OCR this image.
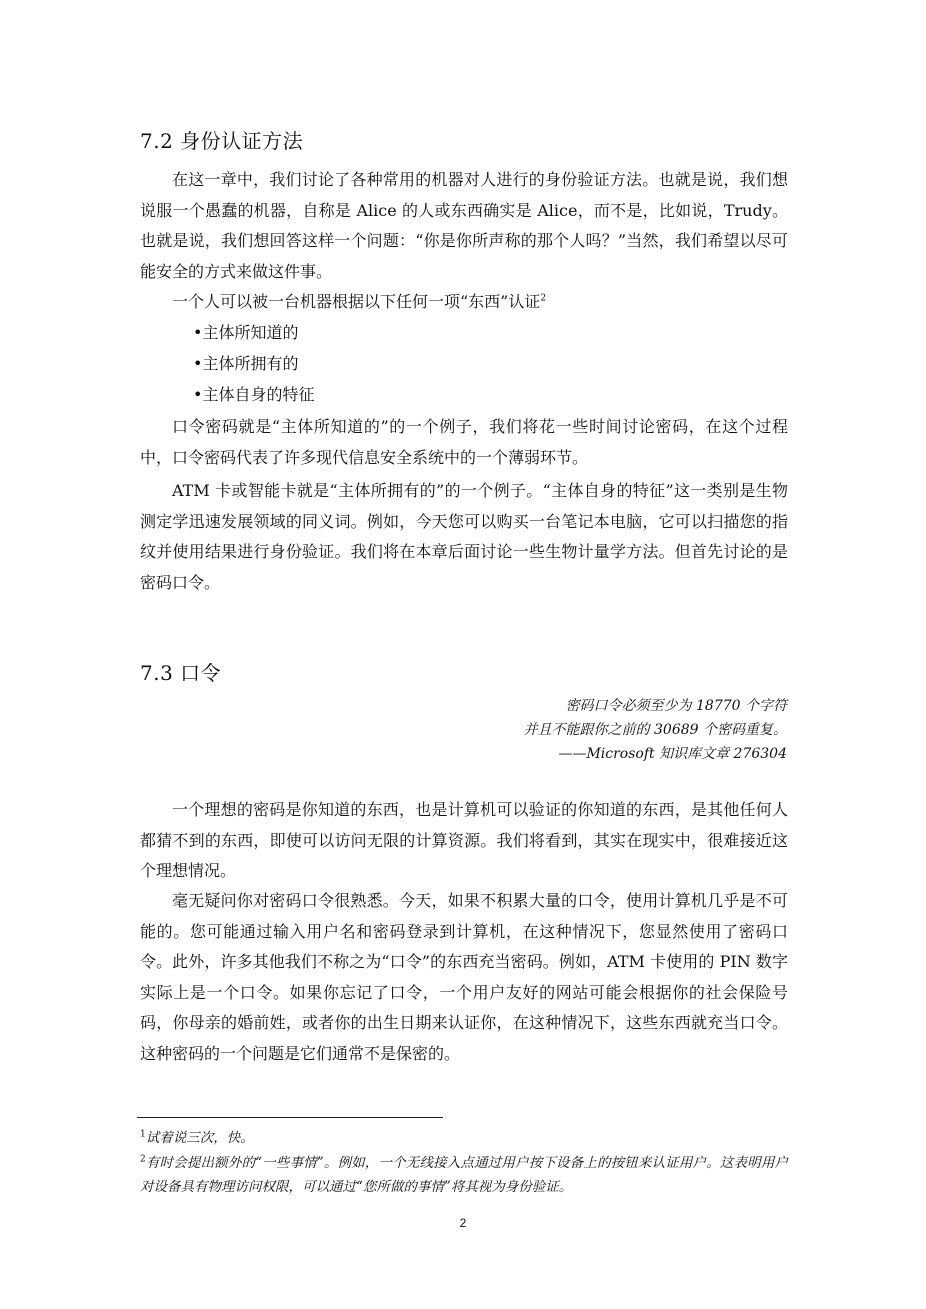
7.2 身份认证方法

在这一章中，我们讨论了各种常用的机器对人进行的身份验证方法。也就是说，我们想说服一个愚蠢的机器，自称是 Alice 的人或东西确实是 Alice，而不是，比如说，Trudy。也就是说，我们想回答这样一个问题：“你是你所声称的那个人吗？”当然，我们希望以尽可能安全的方式来做这件事。

一个人可以被一台机器根据以下任何一项“东西”认证$^2$

•主体所知道的

•主体所拥有的

•主体自身的特征

口令密码就是“主体所知道的”的一个例子，我们将花一些时间讨论密码，在这个过程中，口令密码代表了许多现代信息安全系统中的一个薄弱环节。

ATM 卡或智能卡就是“主体所拥有的”的一个例子。“主体自身的特征”这一类别是生物测定学迅速发展领域的同义词。例如，今天您可以购买一台笔记本电脑，它可以扫描您的指纹并使用结果进行身份验证。我们将在本章后面讨论一些生物计量学方法。但首先讨论的是密码口令。

7.3 口令

密码口令必须至少为 18770 个字符

并且不能跟你之前的 30689 个密码重复。

——Microsoft 知识库文章 276304

一个理想的密码是你知道的东西，也是计算机可以验证的你知道的东西，是其他任何人都猜不到的东西，即使可以访问无限的计算资源。我们将看到，其实在现实中，很难接近这个理想情况。

毫无疑问你对密码口令很熟悉。今天，如果不积累大量的口令，使用计算机几乎是不可能的。您可能通过输入用户名和密码登录到计算机，在这种情况下，您显然使用了密码口令。此外，许多其他我们不称之为“口令”的东西充当密码。例如，ATM 卡使用的 PIN 数字实际上是一个口令。如果你忘记了口令，一个用户友好的网站可能会根据你的社会保险号码，你母亲的婚前姓，或者你的出生日期来认证你，在这种情况下，这些东西就充当口令。这种密码的一个问题是它们通常不是保密的。

$^1$试着说三次，快。

$^2$有时会提出额外的“一些事情”。例如，一个无线接入点通过用户按下设备上的按钮来认证用户。这表明用户对设备具有物理访问权限，可以通过“您所做的事情”将其视为身份验证。

2
